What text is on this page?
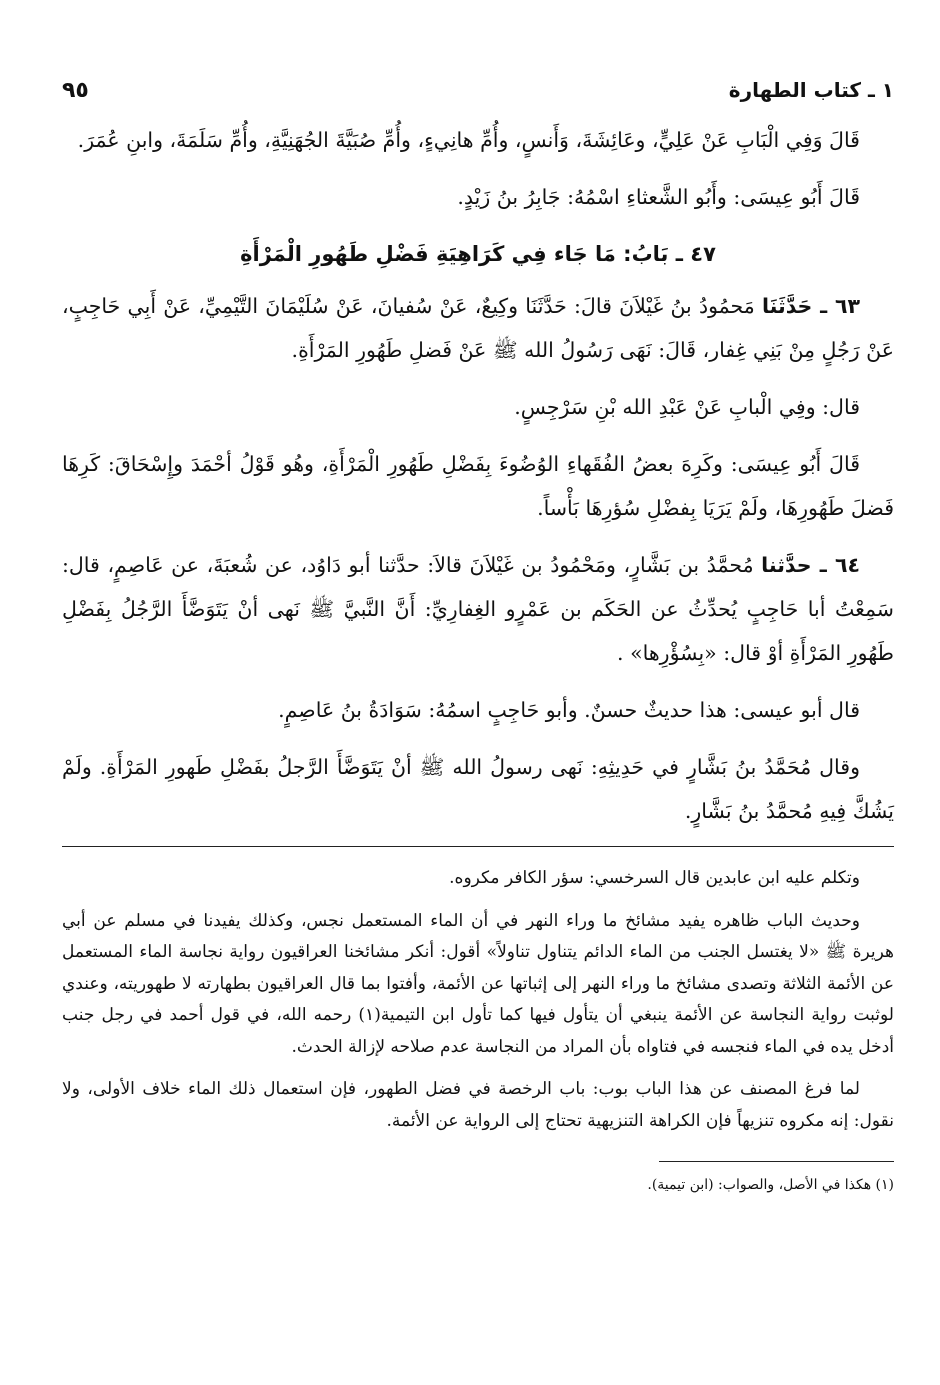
١ ـ كتاب الطهارة
٩٥

قَالَ وَفِي الْبَابِ عَنْ عَلِيٍّ، وعَائِشَةَ، وَأَنسٍ، وأُمِّ هانِيءٍ، وأُمِّ صُبَيَّةَ الجُهَنِيَّةِ، وأُمِّ سَلَمَةَ، وابنِ عُمَرَ.

قَالَ أَبُو عِيسَى: وأَبُو الشَّعثاءِ اسْمُهُ: جَابِرُ بنُ زَيْدٍ.

٤٧ ـ بَابُ: مَا جَاء فِي كَرَاهِيَةِ فَضْلِ طَهُورِ الْمَرْأَةِ

٦٣ ـ حَدَّثَنَا مَحمُودُ بنُ غَيْلاَنَ قالَ: حَدَّثَنَا وكِيعٌ، عَنْ سُفيانَ، عَنْ سُلَيْمَانَ التَّيْمِيِّ، عَنْ أَبِي حَاجِبٍ، عَنْ رَجُلٍ مِنْ بَنِي غِفار، قَالَ: نَهَى رَسُولُ الله ﷺ عَنْ فَضلِ طَهُورِ المَرْأَةِ.

قال: وفِي الْبابِ عَنْ عَبْدِ الله بْنِ سَرْجِسٍ.

قَالَ أَبُو عِيسَى: وكَرِهَ بعضُ الفُقَهاءِ الوُضُوءَ بِفَضْلِ طَهُورِ الْمَرْأَةِ، وهُو قَوْلُ أحْمَدَ وإِسْحَاقَ: كَرِهَا فَضلَ طَهُورِهَا، ولَمْ يَرَيَا بِفضْلِ سُؤرِهَا بَأْساً.

٦٤ ـ حدَّثنا مُحمَّدُ بن بَشَّارٍ، ومَحْمُودُ بن غَيْلاَنَ قالاَ: حدَّثنا أبو دَاوُد، عن شُعبَةَ، عن عَاصِمٍ، قال: سَمِعْتُ أبا حَاجِبٍ يُحدِّثُ عن الحَكَم بن عَمْرٍو الغِفارِيِّ: أَنَّ النَّبيَّ ﷺ نَهى أنْ يَتَوَضَّأَ الرَّجُلُ بِفَضْلِ طَهُورِ المَرْأَةِ أوْ قال: «بِسُؤْرِها» .

قال أبو عيسى: هذا حديثٌ حسنٌ. وأبو حَاجِبٍ اسمُهُ: سَوَادَةُ بنُ عَاصِمٍ.

وقال مُحَمَّدُ بنُ بَشَّارٍ في حَدِيثِهِ: نَهى رسولُ الله ﷺ أنْ يَتَوَضَّأَ الرَّجلُ بفَضْلِ طَهورِ المَرْأَةِ. ولَمْ يَشُكَّ فِيهِ مُحمَّدُ بنُ بَشَّارٍ.

وتكلم عليه ابن عابدين قال السرخسي: سؤر الكافر مكروه.

وحديث الباب ظاهره يفيد مشائخ ما وراء النهر في أن الماء المستعمل نجس، وكذلك يفيدنا في مسلم عن أبي هريرة ﷺ «لا يغتسل الجنب من الماء الدائم يتناول تناولاً» أقول: أنكر مشائخنا العراقيون رواية نجاسة الماء المستعمل عن الأئمة الثلاثة وتصدى مشائخ ما وراء النهر إلى إثباتها عن الأئمة، وأفتوا بما قال العراقيون بطهارته لا طهوريته، وعندي لوثبت رواية النجاسة عن الأئمة ينبغي أن يتأول فيها كما تأول ابن التيمية(١) رحمه الله، في قول أحمد في رجل جنب أدخل يده في الماء فنجسه في فتاواه بأن المراد من النجاسة عدم صلاحه لإزالة الحدث.

لما فرغ المصنف عن هذا الباب بوب: باب الرخصة في فضل الطهور، فإن استعمال ذلك الماء خلاف الأولى، ولا نقول: إنه مكروه تنزيهاً فإن الكراهة التنزيهية تحتاج إلى الرواية عن الأئمة.

(١) هكذا في الأصل، والصواب: (ابن تيمية).
